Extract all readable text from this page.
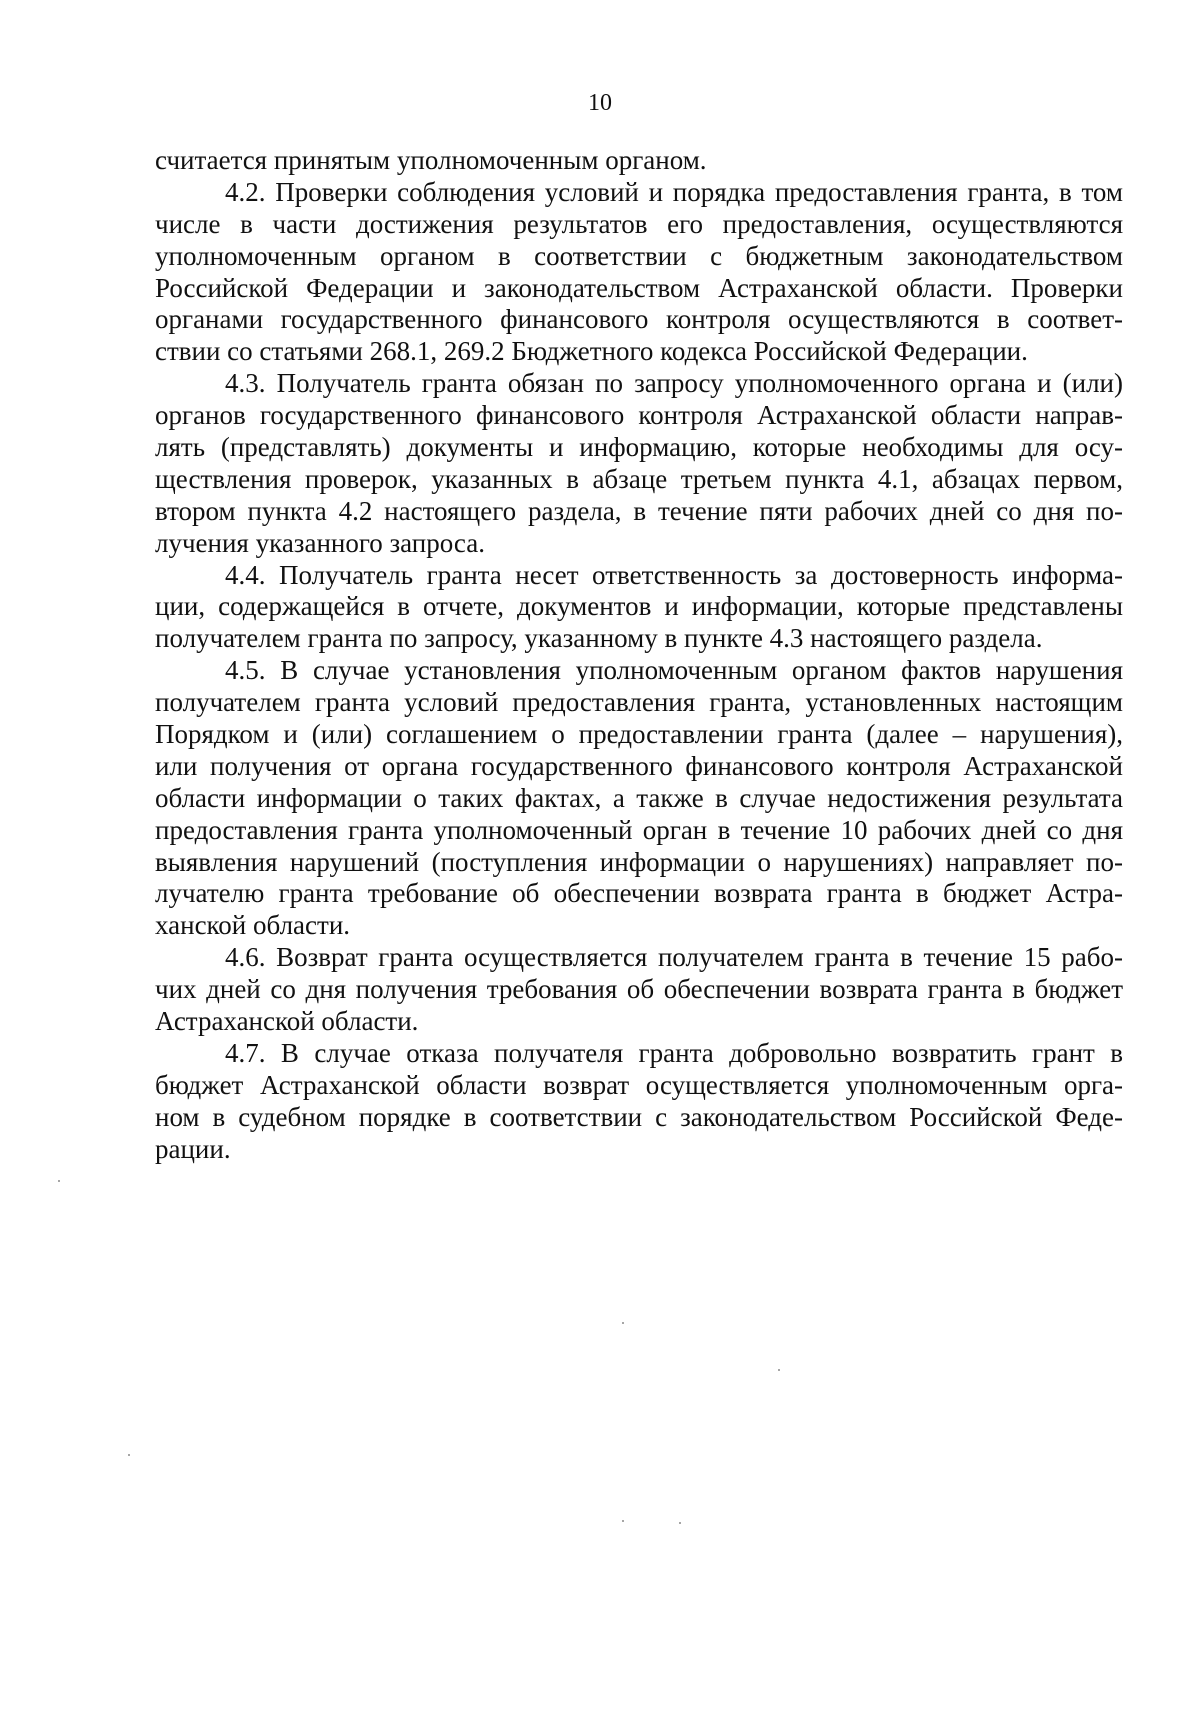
10
считается принятым уполномоченным органом.
4.2. Проверки соблюдения условий и порядка предоставления гранта, в том
числе в части достижения результатов его предоставления, осуществляются
уполномоченным органом в соответствии с бюджетным законодательством
Российской Федерации и законодательством Астраханской области. Проверки
органами государственного финансового контроля осуществляются в соответ-
ствии со статьями 268.1, 269.2 Бюджетного кодекса Российской Федерации.
4.3. Получатель гранта обязан по запросу уполномоченного органа и (или)
органов государственного финансового контроля Астраханской области направ-
лять (представлять) документы и информацию, которые необходимы для осу-
ществления проверок, указанных в абзаце третьем пункта 4.1, абзацах первом,
втором пункта 4.2 настоящего раздела, в течение пяти рабочих дней со дня по-
лучения указанного запроса.
4.4. Получатель гранта несет ответственность за достоверность информа-
ции, содержащейся в отчете, документов и информации, которые представлены
получателем гранта по запросу, указанному в пункте 4.3 настоящего раздела.
4.5. В случае установления уполномоченным органом фактов нарушения
получателем гранта условий предоставления гранта, установленных настоящим
Порядком и (или) соглашением о предоставлении гранта (далее – нарушения),
или получения от органа государственного финансового контроля Астраханской
области информации о таких фактах, а также в случае недостижения результата
предоставления гранта уполномоченный орган в течение 10 рабочих дней со дня
выявления нарушений (поступления информации о нарушениях) направляет по-
лучателю гранта требование об обеспечении возврата гранта в бюджет Астра-
ханской области.
4.6. Возврат гранта осуществляется получателем гранта в течение 15 рабо-
чих дней со дня получения требования об обеспечении возврата гранта в бюджет
Астраханской области.
4.7. В случае отказа получателя гранта добровольно возвратить грант в
бюджет Астраханской области возврат осуществляется уполномоченным орга-
ном в судебном порядке в соответствии с законодательством Российской Феде-
рации.
